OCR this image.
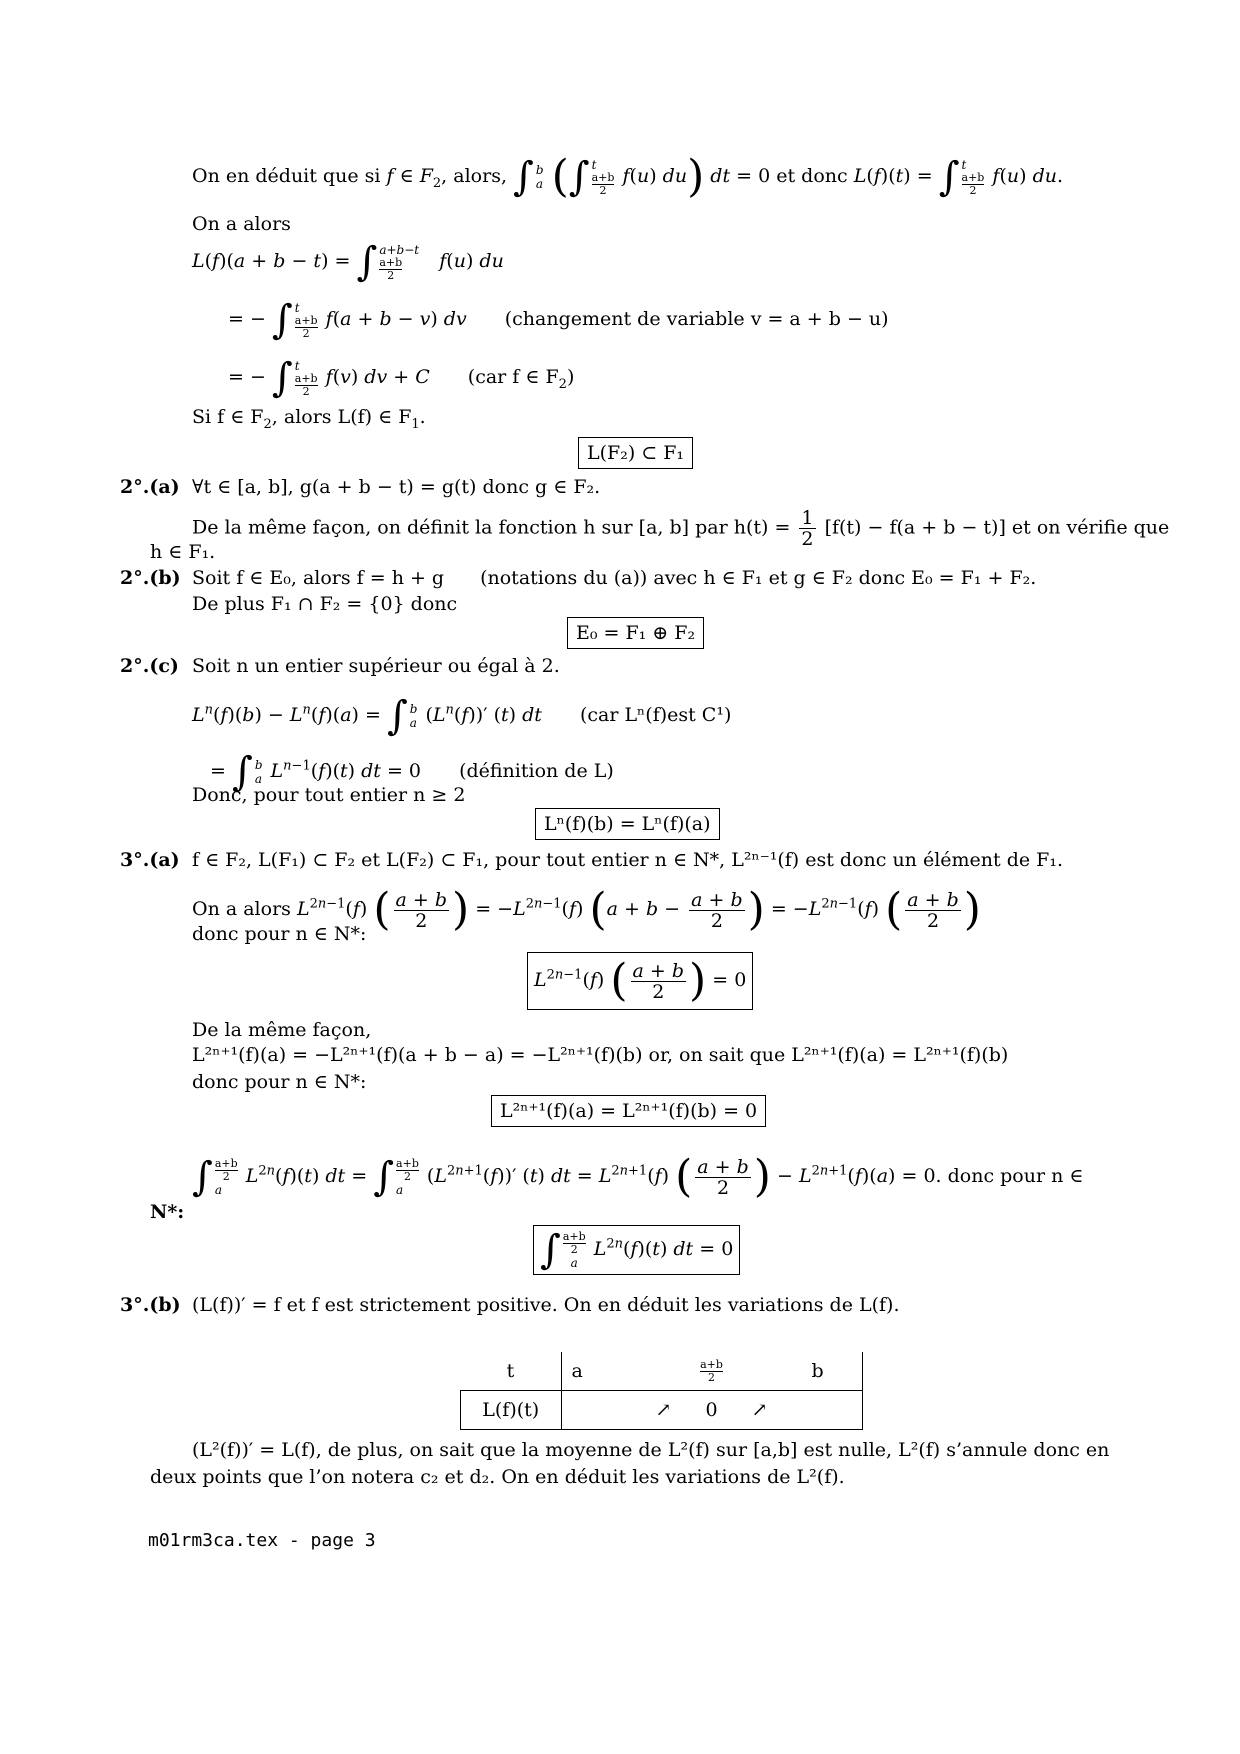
On en déduit que si f ∈ $F_2$, alors, ∫ b
a (∫ t
$\frac{a+b}{2} f(u)$ du) dt = 0 et donc L(f)(t) = ∫ t
$\frac{a+b}{2} f(u)$ du.
On a alors
L(f)(a + b − t) = ∫ a+b−t
$\frac{a+b}{2} f(u)$ du
= − ∫ t
$\frac{a+b}{2} f(a + b - v)$ dv (changement de variable v = a + b − u)
= − ∫ t
$\frac{a+b}{2} f(v)$ dv + C (car f ∈ $F_2$)
Si f ∈ $F_2$, alors L(f) ∈ $F_1$.
L(F₂) ⊂ F₁
2°.(a) ∀t ∈ [a, b], g(a + b − t) = g(t) donc g ∈ F₂.
De la même façon, on définit la fonction h sur [a, b] par $h(t) = \frac{1}{2} [f(t) - f(a + b - t)]$ et on vérifie que
h ∈ F₁.
2°.(b) Soit f ∈ E₀, alors f = h + g (notations du (a)) avec h ∈ F₁ et g ∈ F₂ donc E₀ = F₁ + F₂.
De plus F₁ ∩ F₂ = {0} donc
E₀ = F₁ ⊕ F₂
2°.(c) Soit n un entier supérieur ou égal à 2.
$L^n(f)(b) - L^n(f)(a)$ = ∫ b
a $(L^n(f))'$ (t) dt (car Lⁿ(f)est C¹)
= ∫ b
a $L^{n-1}(f)(t)$ dt = 0 (définition de L)
Donc, pour tout entier n ≥ 2
Lⁿ(f)(b) = Lⁿ(f)(a)
3°.(a) f ∈ F₂, L(F₁) ⊂ F₂ et L(F₂) ⊂ F₁, pour tout entier n ∈ N*, L²ⁿ⁻¹(f) est donc un élément de F₁.
On a alors $L^{2n-1}(f)$ ( $\frac{a + b}{2}$ ) = $-L^{2n-1}(f) (a + b - \frac{a + b}{2}$ ) = $-L^{2n-1}(f)$ ( $\frac{a + b}{2}$ )
donc pour n ∈ N*:
$L^{2n-1}(f)$ ( $\frac{a + b}{2}$ ) = 0
De la même façon,
L²ⁿ⁺¹(f)(a) = −L²ⁿ⁺¹(f)(a + b − a) = −L²ⁿ⁺¹(f)(b) or, on sait que L²ⁿ⁺¹(f)(a) = L²ⁿ⁺¹(f)(b)
donc pour n ∈ N*:
L²ⁿ⁺¹(f)(a) = L²ⁿ⁺¹(f)(b) = 0
∫ $\frac{a+b}{2}$
a
$L^{2n}(f)(t)$ dt = ∫ $\frac{a+b}{2}$
a
$(L^{2n+1}(f))'$ (t) dt = $L^{2n+1}(f)$ ( $\frac{a + b}{2}$ ) − $L^{2n+1}(f)(a) = 0$. donc pour n ∈
N*:
∫ $\frac{a+b}{2}$
a
$L^{2n}(f)(t)$ dt = 0
3°.(b) (L(f))′ = f et f est strictement positive. On en déduit les variations de L(f).
t	a	$\frac{a+b}{2}$	b
L(f)(t)		↗ 0 ↗	
(L²(f))′ = L(f), de plus, on sait que la moyenne de L²(f) sur [a,b] est nulle, L²(f) s’annule donc en
deux points que l’on notera c₂ et d₂. On en déduit les variations de L²(f).
m01rm3ca.tex - page 3
